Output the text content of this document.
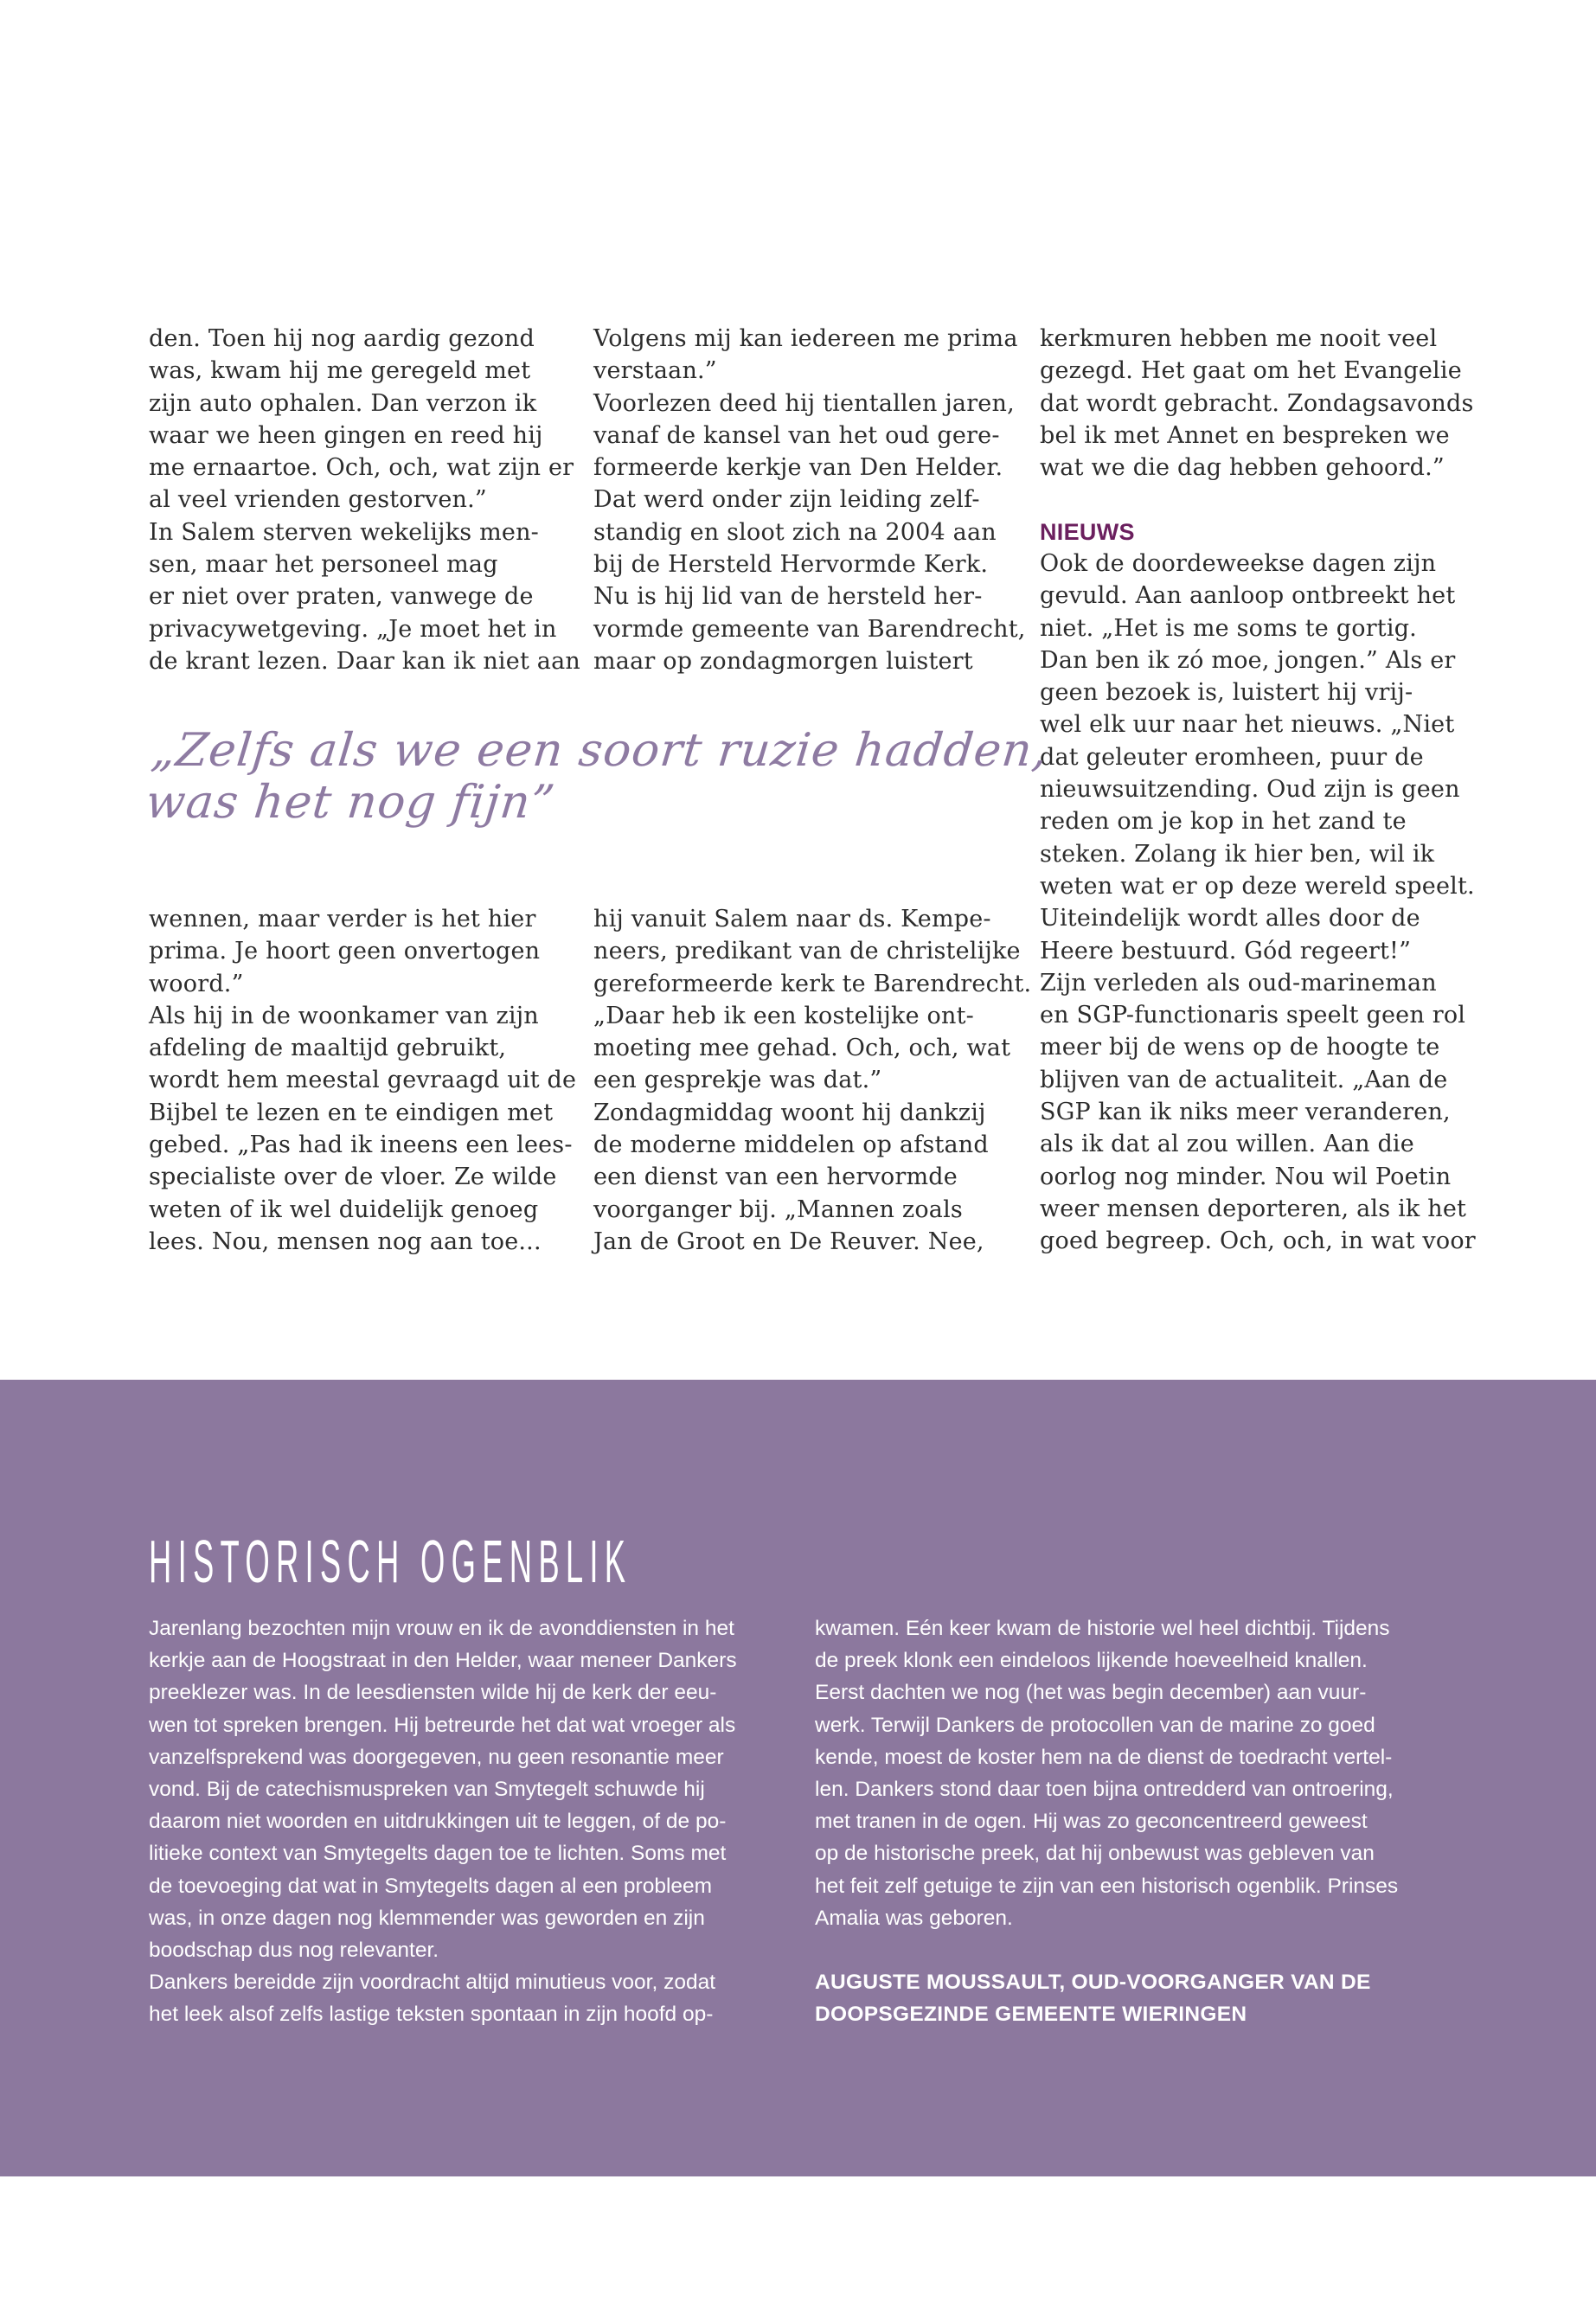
den. Toen hij nog aardig gezond

was, kwam hij me geregeld met

zijn auto ophalen. Dan verzon ik

waar we heen gingen en reed hij

me ernaartoe. Och, och, wat zijn er

al veel vrienden gestorven.”

In Salem sterven wekelijks men-

sen, maar het personeel mag

er niet over praten, vanwege de

privacywetgeving. „Je moet het in

de krant lezen. Daar kan ik niet aan

Volgens mij kan iedereen me prima

verstaan.”

Voorlezen deed hij tientallen jaren,

vanaf de kansel van het oud gere-

formeerde kerkje van Den Helder.

Dat werd onder zijn leiding zelf-

standig en sloot zich na 2004 aan

bij de Hersteld Hervormde Kerk.

Nu is hij lid van de hersteld her-

vormde gemeente van Barendrecht,

maar op zondagmorgen luistert

kerkmuren hebben me nooit veel

gezegd. Het gaat om het Evangelie

dat wordt gebracht. Zondagsavonds

bel ik met Annet en bespreken we

wat we die dag hebben gehoord.”

NIEUWS

Ook de doordeweekse dagen zijn

gevuld. Aan aanloop ontbreekt het

niet. „Het is me soms te gortig.

Dan ben ik zó moe, jongen.” Als er

geen bezoek is, luistert hij vrij-

wel elk uur naar het nieuws. „Niet

dat geleuter eromheen, puur de

nieuwsuitzending. Oud zijn is geen

reden om je kop in het zand te

steken. Zolang ik hier ben, wil ik

weten wat er op deze wereld speelt.

Uiteindelijk wordt alles door de

Heere bestuurd. Gód regeert!”

Zijn verleden als oud-marineman

en SGP-functionaris speelt geen rol

meer bij de wens op de hoogte te

blijven van de actualiteit. „Aan de

SGP kan ik niks meer veranderen,

als ik dat al zou willen. Aan die

oorlog nog minder. Nou wil Poetin

weer mensen deporteren, als ik het

goed begreep. Och, och, in wat voor

„Zelfs als we een soort ruzie hadden,

was het nog fijn”

wennen, maar verder is het hier

prima. Je hoort geen onvertogen

woord.”

Als hij in de woonkamer van zijn

afdeling de maaltijd gebruikt,

wordt hem meestal gevraagd uit de

Bijbel te lezen en te eindigen met

gebed. „Pas had ik ineens een lees-

specialiste over de vloer. Ze wilde

weten of ik wel duidelijk genoeg

lees. Nou, mensen nog aan toe...

hij vanuit Salem naar ds. Kempe-

neers, predikant van de christelijke

gereformeerde kerk te Barendrecht.

„Daar heb ik een kostelijke ont-

moeting mee gehad. Och, och, wat

een gesprekje was dat.”

Zondagmiddag woont hij dankzij

de moderne middelen op afstand

een dienst van een hervormde

voorganger bij. „Mannen zoals

Jan de Groot en De Reuver. Nee,

HISTORISCH OGENBLIK

Jarenlang bezochten mijn vrouw en ik de avonddiensten in het

kerkje aan de Hoogstraat in den Helder, waar meneer Dankers

preeklezer was. In de leesdiensten wilde hij de kerk der eeu-

wen tot spreken brengen. Hij betreurde het dat wat vroeger als

vanzelfsprekend was doorgegeven, nu geen resonantie meer

vond. Bij de catechismuspreken van Smytegelt schuwde hij

daarom niet woorden en uitdrukkingen uit te leggen, of de po-

litieke context van Smytegelts dagen toe te lichten. Soms met

de toevoeging dat wat in Smytegelts dagen al een probleem

was, in onze dagen nog klemmender was geworden en zijn

boodschap dus nog relevanter.

Dankers bereidde zijn voordracht altijd minutieus voor, zodat

het leek alsof zelfs lastige teksten spontaan in zijn hoofd op-

kwamen. Eén keer kwam de historie wel heel dichtbij. Tijdens

de preek klonk een eindeloos lijkende hoeveelheid knallen.

Eerst dachten we nog (het was begin december) aan vuur-

werk. Terwijl Dankers de protocollen van de marine zo goed

kende, moest de koster hem na de dienst de toedracht vertel-

len. Dankers stond daar toen bijna ontredderd van ontroering,

met tranen in de ogen. Hij was zo geconcentreerd geweest

op de historische preek, dat hij onbewust was gebleven van

het feit zelf getuige te zijn van een historisch ogenblik. Prinses

Amalia was geboren.

AUGUSTE MOUSSAULT, OUD-VOORGANGER VAN DE

DOOPSGEZINDE GEMEENTE WIERINGEN
